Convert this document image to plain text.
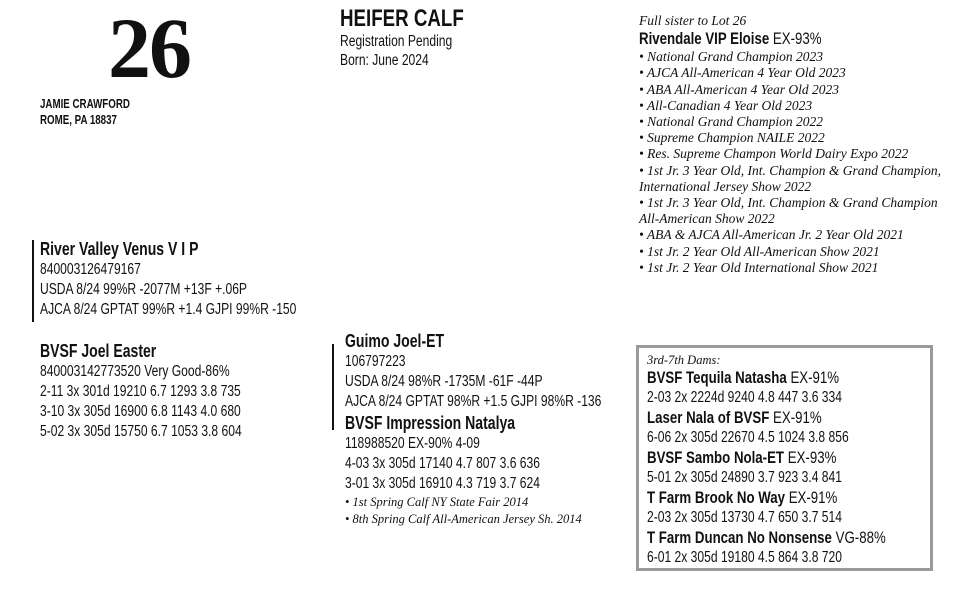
26
JAMIE CRAWFORD
ROME, PA 18837
HEIFER CALF
Registration Pending
Born: June 2024
Full sister to Lot 26
Rivendale VIP Eloise EX-93%
• National Grand Champion 2023
• AJCA All-American 4 Year Old 2023
• ABA All-American 4 Year Old 2023
• All-Canadian 4 Year Old 2023
• National Grand Champion 2022
• Supreme Champion NAILE 2022
• Res. Supreme Champon World Dairy Expo 2022
• 1st Jr. 3 Year Old, Int. Champion & Grand Champion,
International Jersey Show 2022
• 1st Jr. 3 Year Old, Int. Champion & Grand Champion
All-American Show 2022
• ABA & AJCA All-American Jr. 2 Year Old 2021
• 1st Jr. 2 Year Old All-American Show 2021
• 1st Jr. 2 Year Old International Show 2021
River Valley Venus V I P
840003126479167
USDA 8/24 99%R -2077M +13F +.06P
AJCA 8/24 GPTAT 99%R +1.4 GJPI 99%R -150
BVSF Joel Easter
840003142773520 Very Good-86%
2-11 3x 301d 19210 6.7 1293 3.8 735
3-10 3x 305d 16900 6.8 1143 4.0 680
5-02 3x 305d 15750 6.7 1053 3.8 604
Guimo Joel-ET
106797223
USDA 8/24 98%R -1735M -61F -44P
AJCA 8/24 GPTAT 98%R +1.5 GJPI 98%R -136
BVSF Impression Natalya
118988520 EX-90% 4-09
4-03 3x 305d 17140 4.7 807 3.6 636
3-01 3x 305d 16910 4.3 719 3.7 624
• 1st Spring Calf NY State Fair 2014
• 8th Spring Calf All-American Jersey Sh. 2014
3rd-7th Dams:
BVSF Tequila Natasha EX-91%
2-03 2x 2224d 9240 4.8 447 3.6 334
Laser Nala of BVSF EX-91%
6-06 2x 305d 22670 4.5 1024 3.8 856
BVSF Sambo Nola-ET EX-93%
5-01 2x 305d 24890 3.7 923 3.4 841
T Farm Brook No Way EX-91%
2-03 2x 305d 13730 4.7 650 3.7 514
T Farm Duncan No Nonsense VG-88%
6-01 2x 305d 19180 4.5 864 3.8 720
